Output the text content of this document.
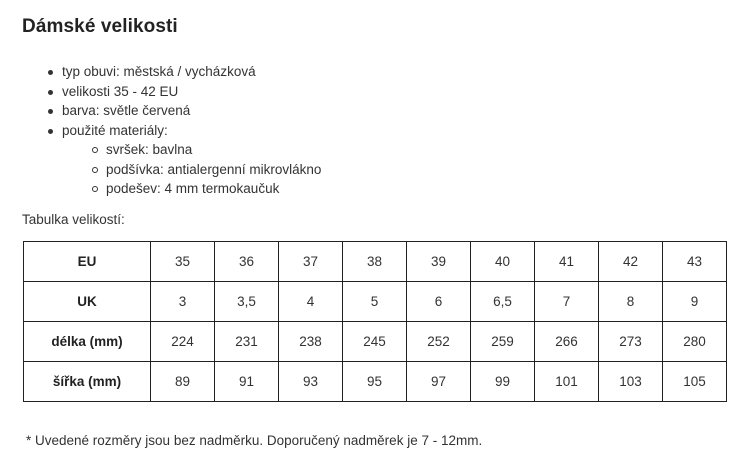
Dámské velikosti
typ obuvi: městská / vycházková
velikosti 35 - 42 EU
barva: světle červená
použité materiály:
svršek: bavlna
podšívka: antialergenní mikrovlákno
podešev: 4 mm termokaučuk
Tabulka velikostí:
EU	35	36	37	38	39	40	41	42	43
UK	3	3,5	4	5	6	6,5	7	8	9
délka (mm)	224	231	238	245	252	259	266	273	280
šířka (mm)	89	91	93	95	97	99	101	103	105
* Uvedené rozměry jsou bez nadměrku. Doporučený nadměrek je 7 - 12mm.
